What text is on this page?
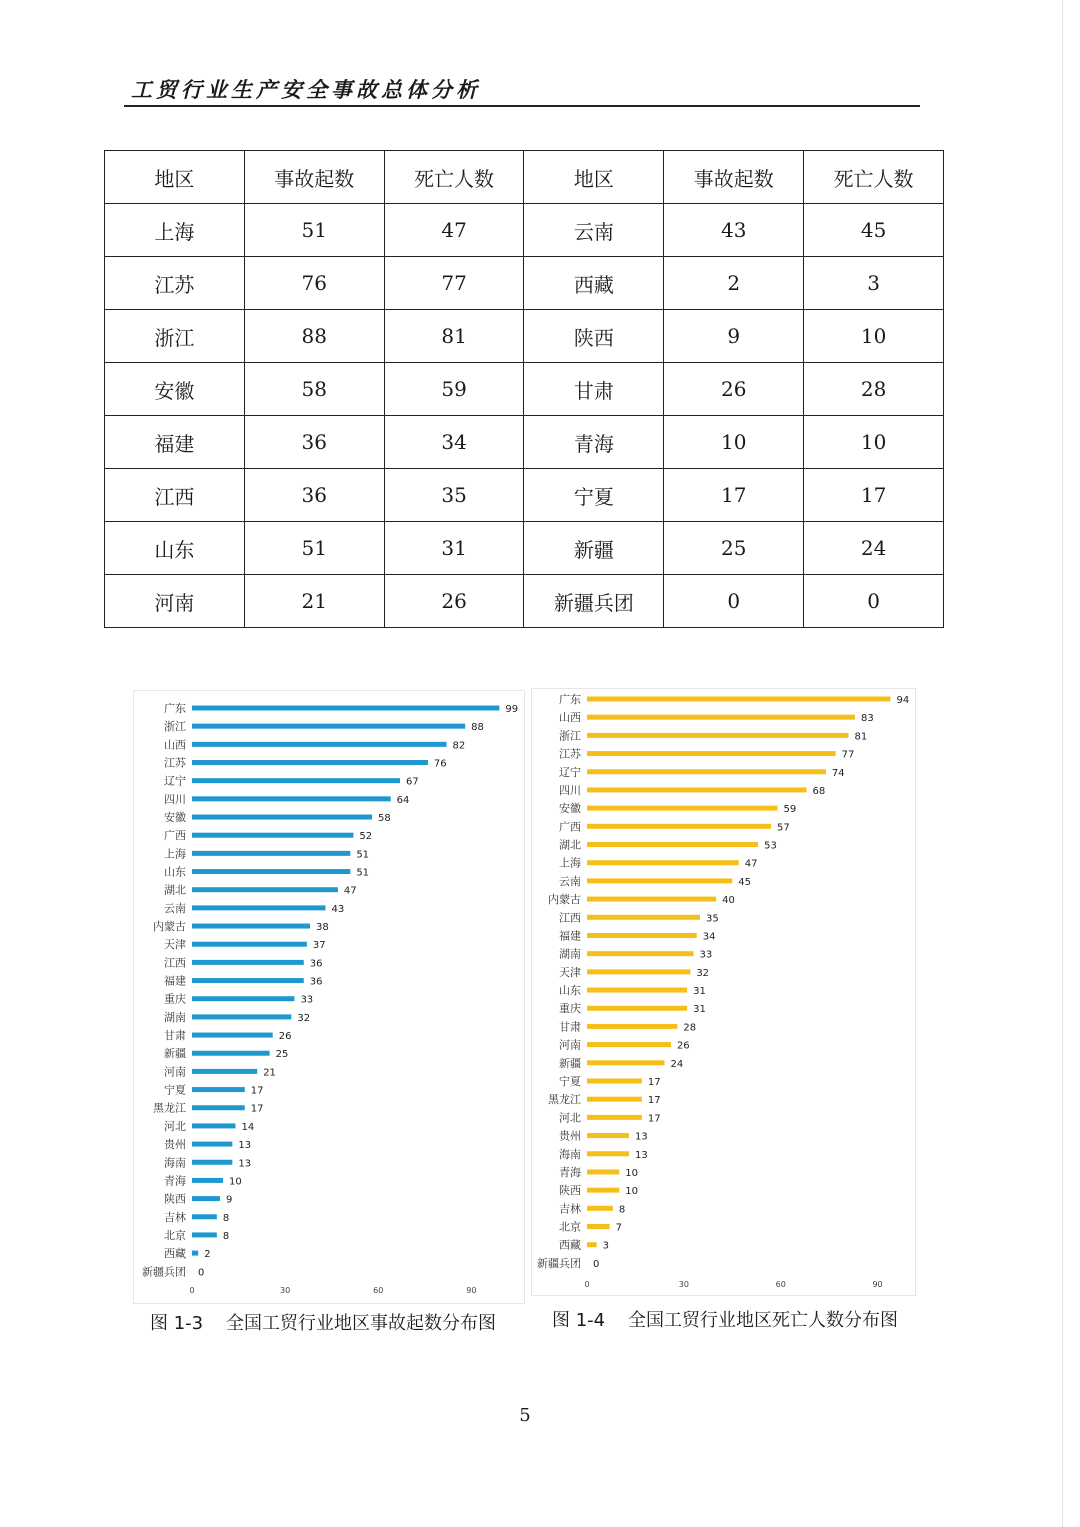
工贸行业生产安全事故总体分析
地区	事故起数	死亡人数	地区	事故起数	死亡人数
上海	51	47	云南	43	45
江苏	76	77	西藏	2	3
浙江	88	81	陕西	9	10
安徽	58	59	甘肃	26	28
福建	36	34	青海	10	10
江西	36	35	宁夏	17	17
山东	51	31	新疆	25	24
河南	21	26	新疆兵团	0	0
广东	99
浙江	88
山西	82
江苏	76
辽宁	67
四川	64
安徽	58
广西	52
上海	51
山东	51
湖北	47
云南	43
内蒙古	38
天津	37
江西	36
福建	36
重庆	33
湖南	32
甘肃	26
新疆	25
河南	21
宁夏	17
黑龙江	17
河北	14
贵州	13
海南	13
青海	10
陕西	9
吉林	8
北京	8
西藏 2
新疆兵团 0
0	30	60	90
图 1-3    全国工贸行业地区事故起数分布图
广东	94
山西	83
浙江	81
江苏	77
辽宁	74
四川	68
安徽	59
广西	57
湖北	53
上海	47
云南	45
内蒙古	40
江西	35
福建	34
湖南	33
天津	32
山东	31
重庆	31
甘肃	28
河南	26
新疆	24
宁夏	17
黑龙江	17
河北	17
贵州	13
海南	13
青海	10
陕西	10
吉林	8
北京	7
西藏 3
新疆兵团 0
0	30	60	90
图 1-4    全国工贸行业地区死亡人数分布图
5
